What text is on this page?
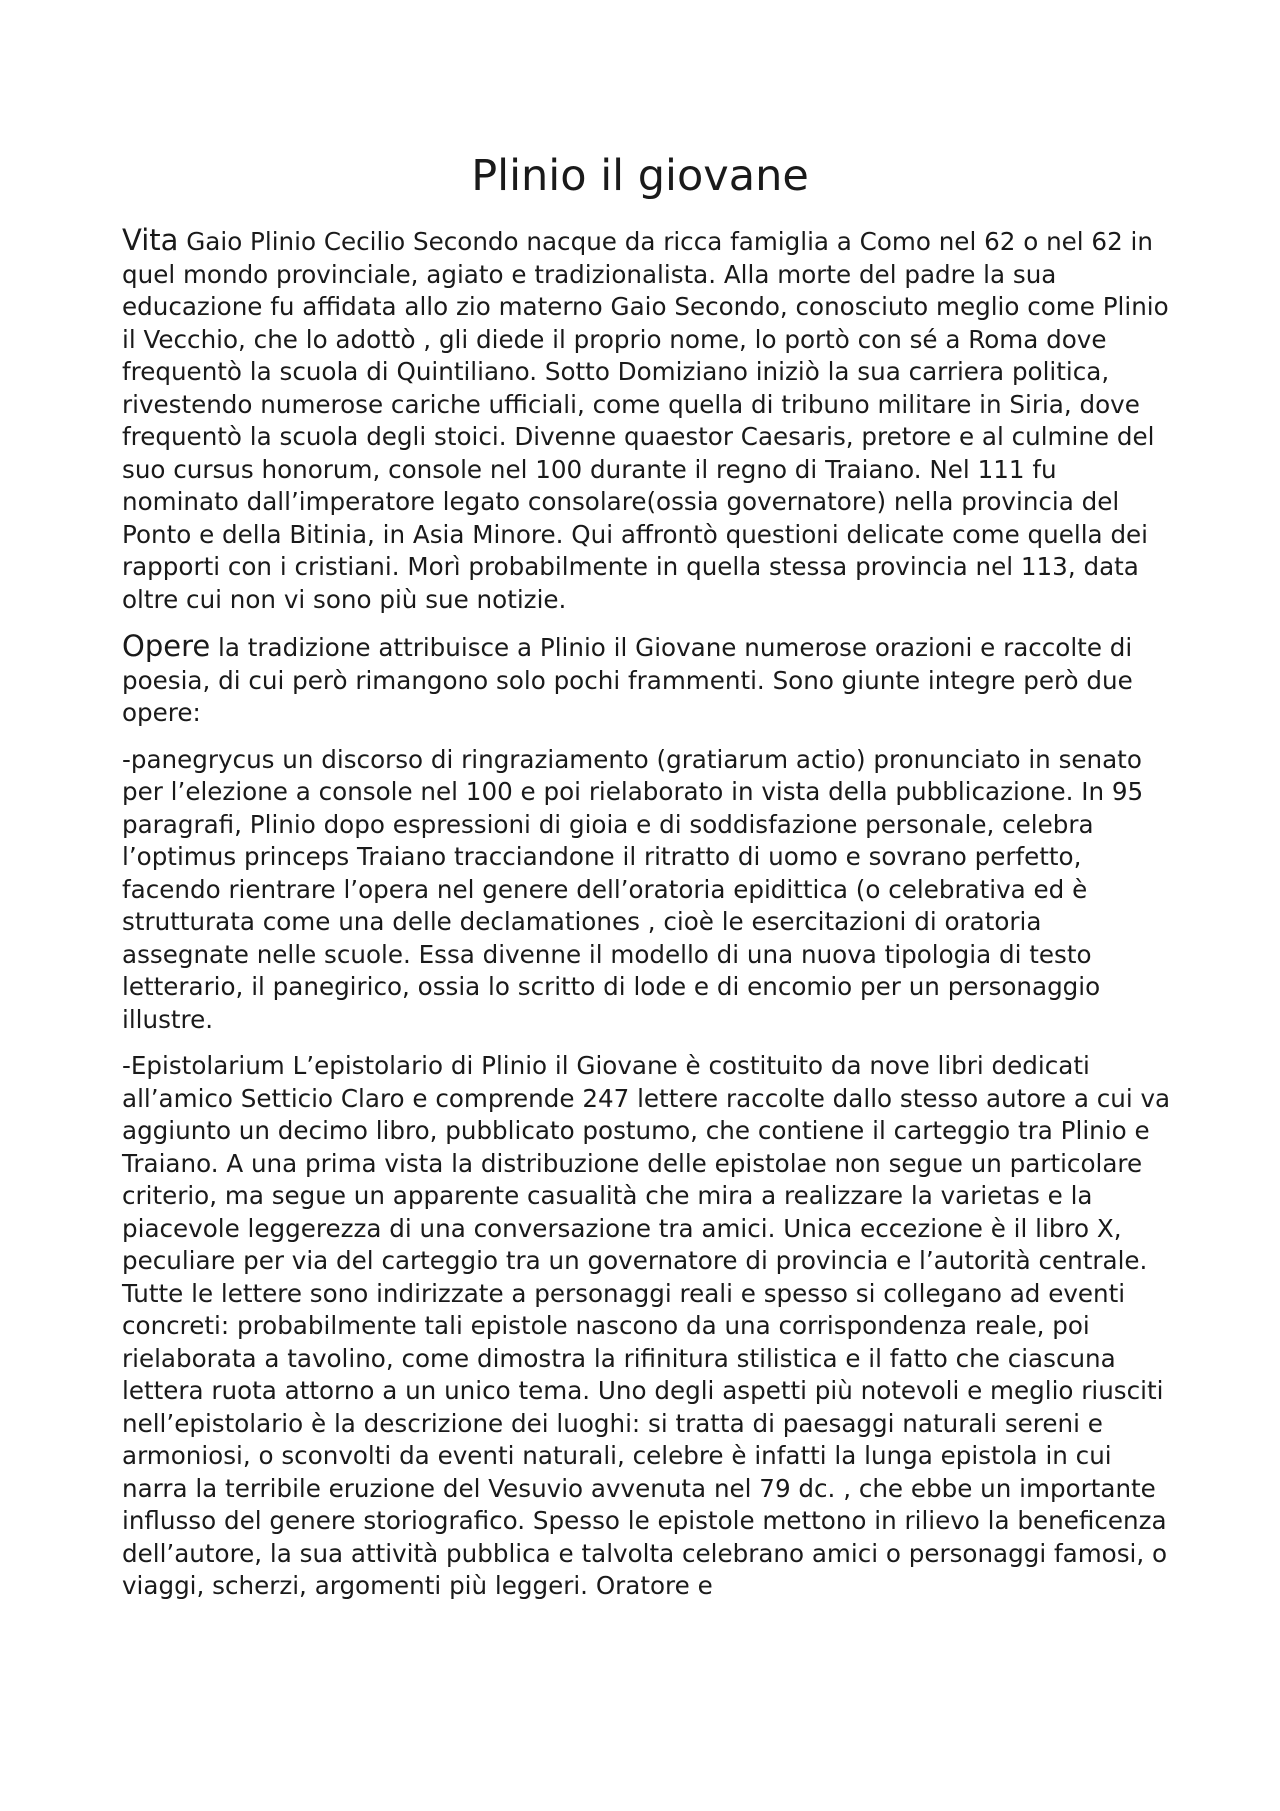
Plinio il giovane

Vita Gaio Plinio Cecilio Secondo nacque da ricca famiglia a Como nel 62 o nel 62 in quel mondo provinciale, agiato e tradizionalista. Alla morte del padre la sua educazione fu affidata allo zio materno Gaio Secondo, conosciuto meglio come Plinio il Vecchio, che lo adottò , gli diede il proprio nome, lo portò con sé a Roma dove frequentò la scuola di Quintiliano. Sotto Domiziano iniziò la sua carriera politica, rivestendo numerose cariche ufficiali, come quella di tribuno militare in Siria, dove frequentò la scuola degli stoici. Divenne quaestor Caesaris, pretore e al culmine del suo cursus honorum, console nel 100 durante il regno di Traiano. Nel 111 fu nominato dall’imperatore legato consolare(ossia governatore) nella provincia del Ponto e della Bitinia, in Asia Minore. Qui affrontò questioni delicate come quella dei rapporti con i cristiani. Morì probabilmente in quella stessa provincia nel 113, data oltre cui non vi sono più sue notizie.

Opere la tradizione attribuisce a Plinio il Giovane numerose orazioni e raccolte di poesia, di cui però rimangono solo pochi frammenti. Sono giunte integre però due opere:

-panegrycus un discorso di ringraziamento (gratiarum actio) pronunciato in senato per l’elezione a console nel 100 e poi rielaborato in vista della pubblicazione. In 95 paragrafi, Plinio dopo espressioni di gioia e di soddisfazione personale, celebra l’optimus princeps Traiano tracciandone il ritratto di uomo e sovrano perfetto, facendo rientrare l’opera nel genere dell’oratoria epidittica (o celebrativa ed è strutturata come una delle declamationes , cioè le esercitazioni di oratoria assegnate nelle scuole. Essa divenne il modello di una nuova tipologia di testo letterario, il panegirico, ossia lo scritto di lode e di encomio per un personaggio illustre.

-Epistolarium L’epistolario di Plinio il Giovane è costituito da nove libri dedicati all’amico Setticio Claro e comprende 247 lettere raccolte dallo stesso autore a cui va aggiunto un decimo libro, pubblicato postumo, che contiene il carteggio tra Plinio e Traiano. A una prima vista la distribuzione delle epistolae non segue un particolare criterio, ma segue un apparente casualità che mira a realizzare la varietas e la piacevole leggerezza di una conversazione tra amici. Unica eccezione è il libro X, peculiare per via del carteggio tra un governatore di provincia e l’autorità centrale. Tutte le lettere sono indirizzate a personaggi reali e spesso si collegano ad eventi concreti: probabilmente tali epistole nascono da una corrispondenza reale, poi rielaborata a tavolino, come dimostra la rifinitura stilistica e il fatto che ciascuna lettera ruota attorno a un unico tema. Uno degli aspetti più notevoli e meglio riusciti nell’epistolario è la descrizione dei luoghi: si tratta di paesaggi naturali sereni e armoniosi, o sconvolti da eventi naturali, celebre è infatti la lunga epistola in cui narra la terribile eruzione del Vesuvio avvenuta nel 79 dc. , che ebbe un importante influsso del genere storiografico. Spesso le epistole mettono in rilievo la beneficenza dell’autore, la sua attività pubblica e talvolta celebrano amici o personaggi famosi, o viaggi, scherzi, argomenti più leggeri. Oratore e
